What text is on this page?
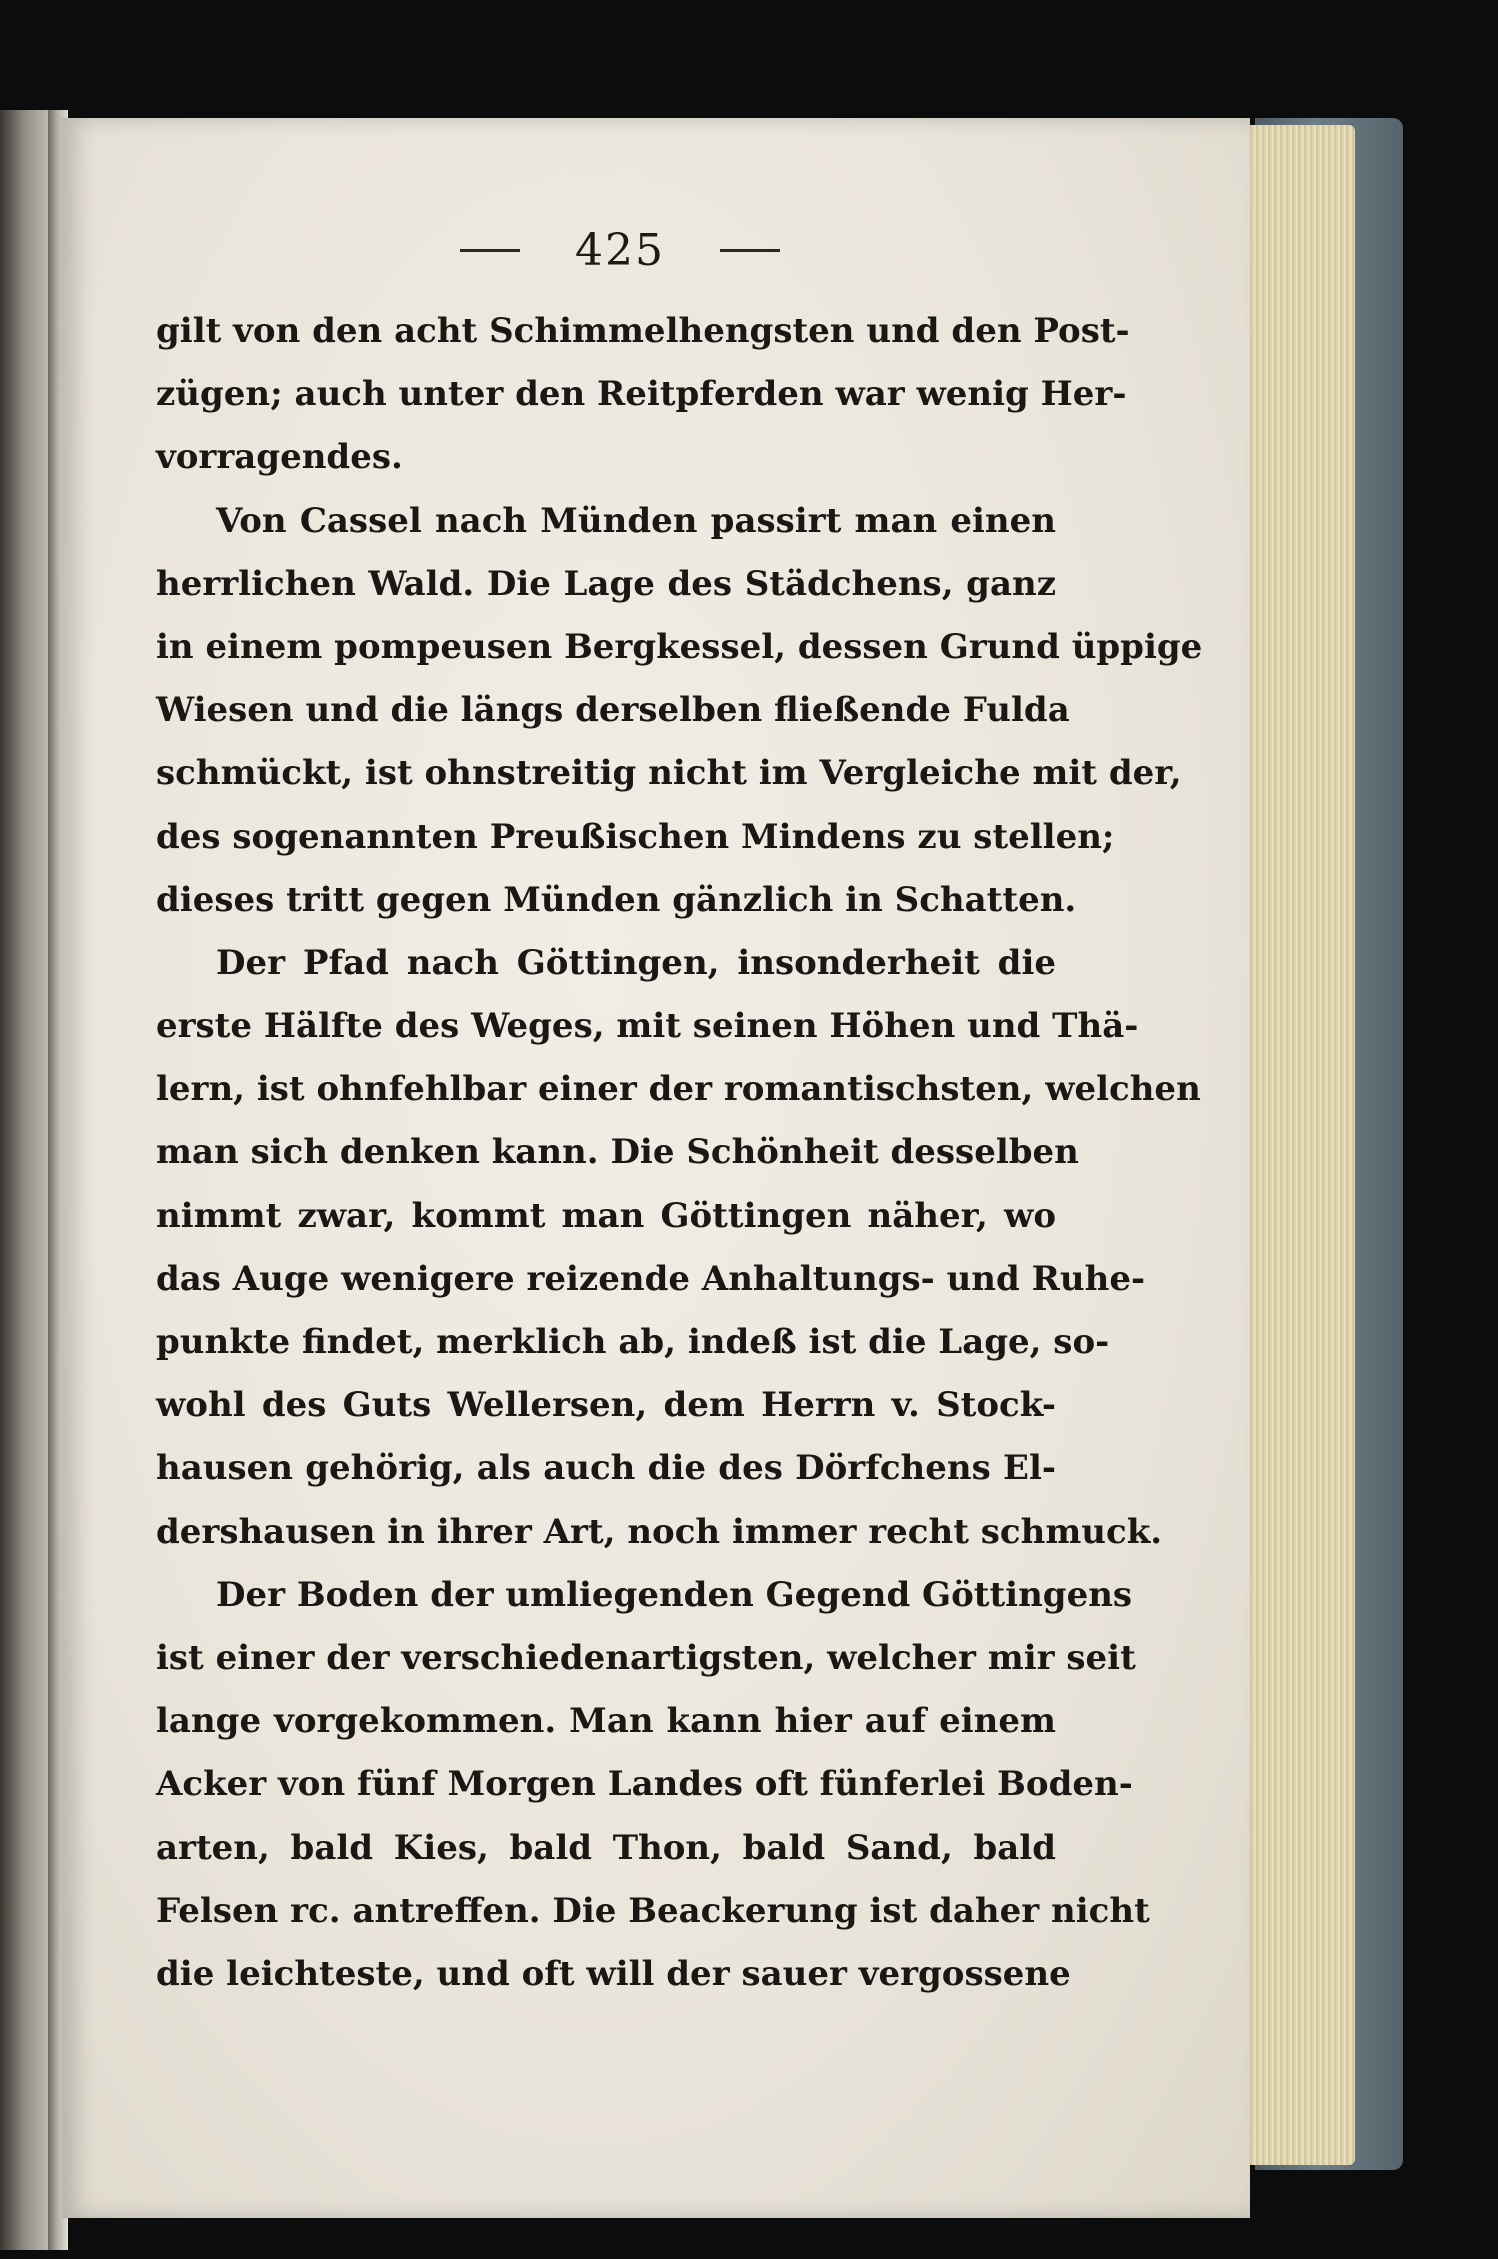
425
gilt von den acht Schimmelhengsten und den Post-
zügen; auch unter den Reitpferden war wenig Her-
vorragendes.
Von Cassel nach Münden passirt man einen
herrlichen Wald. Die Lage des Städchens, ganz
in einem pompeusen Bergkessel, dessen Grund üppige
Wiesen und die längs derselben fließende Fulda
schmückt, ist ohnstreitig nicht im Vergleiche mit der,
des sogenannten Preußischen Mindens zu stellen;
dieses tritt gegen Münden gänzlich in Schatten.
Der Pfad nach Göttingen, insonderheit die
erste Hälfte des Weges, mit seinen Höhen und Thä-
lern, ist ohnfehlbar einer der romantischsten, welchen
man sich denken kann. Die Schönheit desselben
nimmt zwar, kommt man Göttingen näher, wo
das Auge wenigere reizende Anhaltungs- und Ruhe-
punkte findet, merklich ab, indeß ist die Lage, so-
wohl des Guts Wellersen, dem Herrn v. Stock-
hausen gehörig, als auch die des Dörfchens El-
dershausen in ihrer Art, noch immer recht schmuck.
Der Boden der umliegenden Gegend Göttingens
ist einer der verschiedenartigsten, welcher mir seit
lange vorgekommen. Man kann hier auf einem
Acker von fünf Morgen Landes oft fünferlei Boden-
arten, bald Kies, bald Thon, bald Sand, bald
Felsen rc. antreffen. Die Beackerung ist daher nicht
die leichteste, und oft will der sauer vergossene
